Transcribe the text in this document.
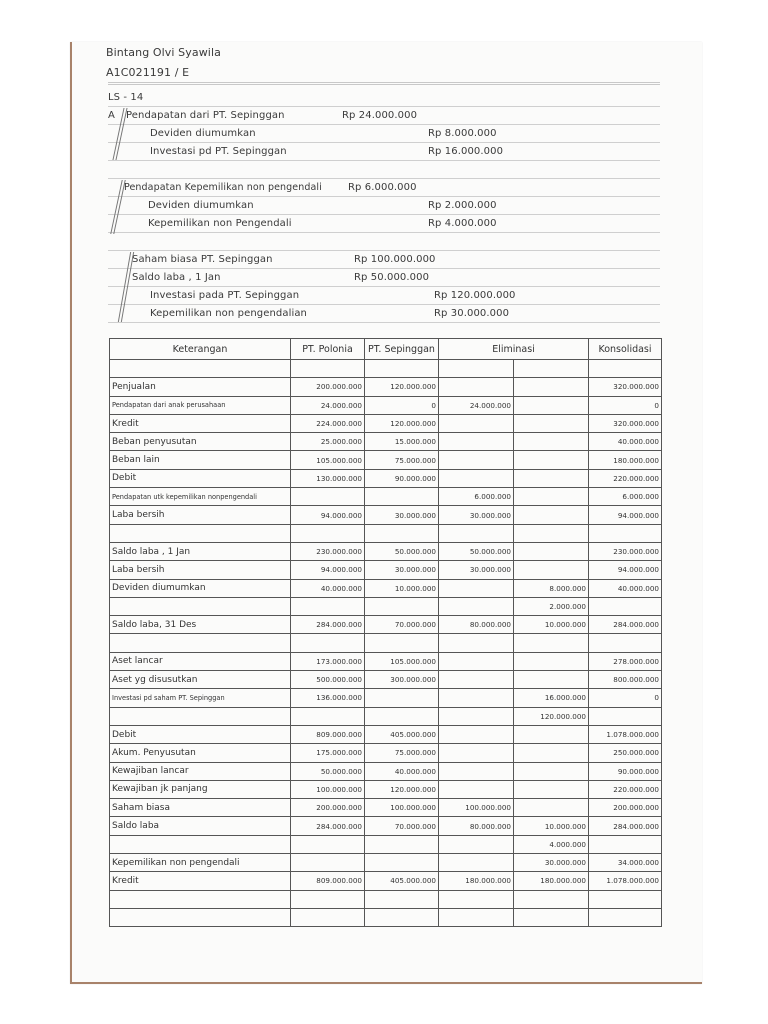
Bintang Olvi Syawila
A1C021191 / E
LS - 14
A Pendapatan dari PT. Sepinggan	Rp 24.000.000
Deviden diumumkan	Rp 8.000.000
Investasi pd PT. Sepinggan	Rp 16.000.000
Pendapatan Kepemilikan non pengendali	Rp 6.000.000
Deviden diumumkan	Rp 2.000.000
Kepemilikan non Pengendali	Rp 4.000.000
Saham biasa PT. Sepinggan	Rp 100.000.000
Saldo laba , 1 Jan	Rp 50.000.000
Investasi pada PT. Sepinggan	Rp 120.000.000
Kepemilikan non pengendalian	Rp 30.000.000
Keterangan	PT. Polonia	PT. Sepinggan	Eliminasi		Konsolidasi

Penjualan	200.000.000	120.000.000			320.000.000
Pendapatan dari anak perusahaan	24.000.000	0	24.000.000		0
Kredit	224.000.000	120.000.000			320.000.000
Beban penyusutan	25.000.000	15.000.000			40.000.000
Beban lain	105.000.000	75.000.000			180.000.000
Debit	130.000.000	90.000.000			220.000.000
Pendapatan utk kepemilikan nonpengendali			6.000.000		6.000.000
Laba bersih	94.000.000	30.000.000	30.000.000		94.000.000

Saldo laba , 1 Jan	230.000.000	50.000.000	50.000.000		230.000.000
Laba bersih	94.000.000	30.000.000	30.000.000		94.000.000
Deviden diumumkan	40.000.000	10.000.000		8.000.000	40.000.000
				2.000.000	
Saldo laba, 31 Des	284.000.000	70.000.000	80.000.000	10.000.000	284.000.000

Aset lancar	173.000.000	105.000.000			278.000.000
Aset yg disusutkan	500.000.000	300.000.000			800.000.000
Investasi pd saham PT. Sepinggan	136.000.000			16.000.000	0
				120.000.000	
Debit	809.000.000	405.000.000			1.078.000.000
Akum. Penyusutan	175.000.000	75.000.000			250.000.000
Kewajiban lancar	50.000.000	40.000.000			90.000.000
Kewajiban jk panjang	100.000.000	120.000.000			220.000.000
Saham biasa	200.000.000	100.000.000	100.000.000		200.000.000
Saldo laba	284.000.000	70.000.000	80.000.000	10.000.000	284.000.000
				4.000.000	
Kepemilikan non pengendali				30.000.000	34.000.000
Kredit	809.000.000	405.000.000	180.000.000	180.000.000	1.078.000.000
